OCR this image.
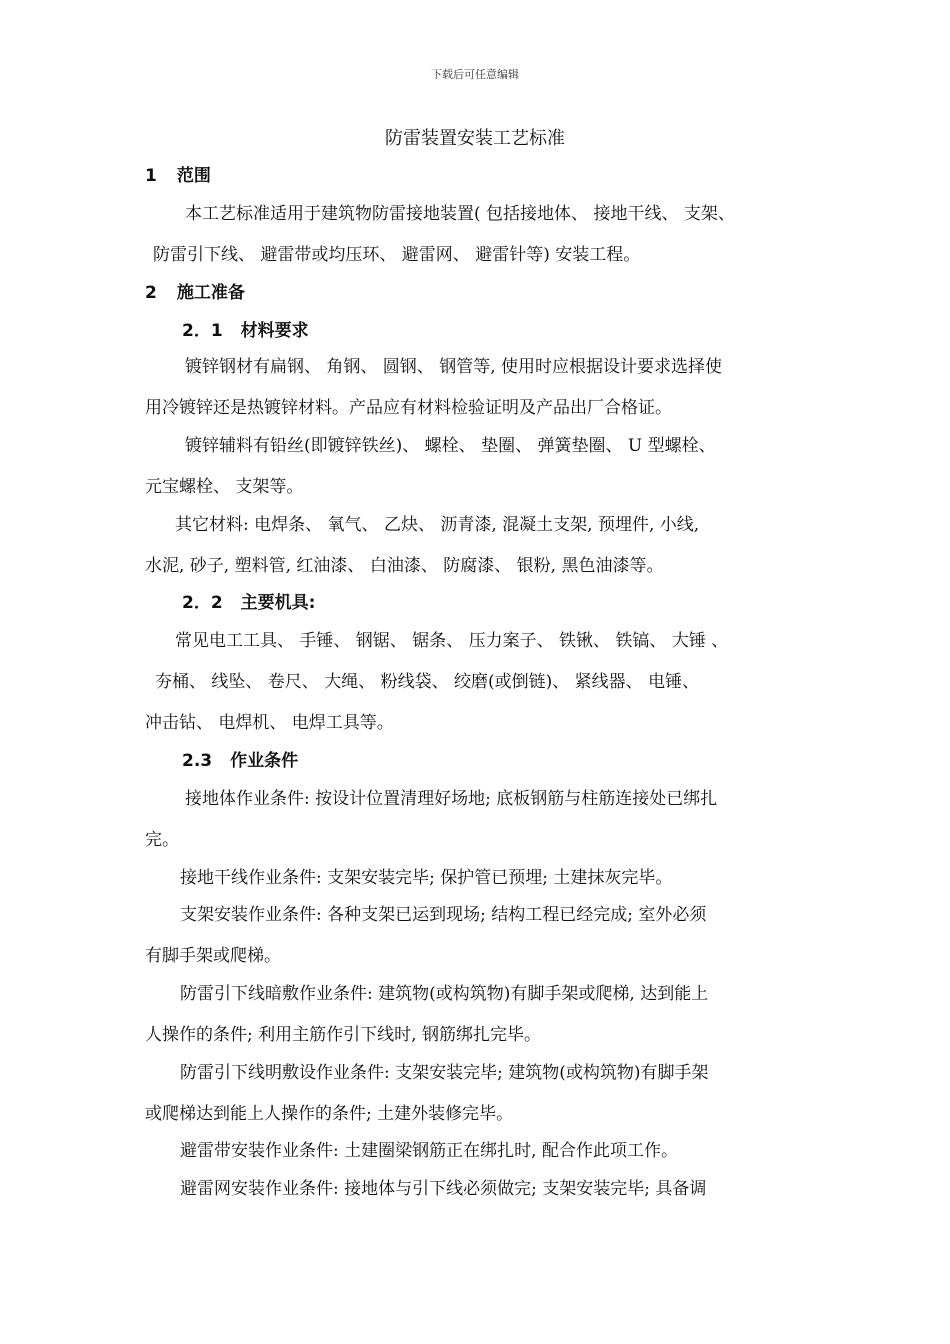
下载后可任意编辑
防雷装置安装工艺标准
1 范围
本工艺标准适用于建筑物防雷接地装置( 包括接地体、 接地干线、 支架、
防雷引下线、 避雷带或均压环、 避雷网、 避雷针等) 安装工程。
2 施工准备
2．1 材料要求
镀锌钢材有扁钢、 角钢、 圆钢、 钢管等, 使用时应根据设计要求选择使
用冷镀锌还是热镀锌材料。产品应有材料检验证明及产品出厂合格证。
镀锌辅料有铅丝(即镀锌铁丝)、 螺栓、 垫圈、 弹簧垫圈、 U 型螺栓、
元宝螺栓、 支架等。
其它材料: 电焊条、 氧气、 乙炔、 沥青漆, 混凝土支架, 预埋件, 小线,
水泥, 砂子, 塑料管, 红油漆、 白油漆、 防腐漆、 银粉, 黑色油漆等。
2．2 主要机具:
常见电工工具、 手锤、 钢锯、 锯条、 压力案子、 铁锹、 铁镐、 大锤 、
夯桶、 线坠、 卷尺、 大绳、 粉线袋、 绞磨(或倒链)、 紧线器、 电锤、
冲击钻、 电焊机、 电焊工具等。
2.3 作业条件
接地体作业条件: 按设计位置清理好场地; 底板钢筋与柱筋连接处已绑扎
完。
接地干线作业条件: 支架安装完毕; 保护管已预埋; 土建抹灰完毕。
支架安装作业条件: 各种支架已运到现场; 结构工程已经完成; 室外必须
有脚手架或爬梯。
防雷引下线暗敷作业条件: 建筑物(或构筑物)有脚手架或爬梯, 达到能上
人操作的条件; 利用主筋作引下线时, 钢筋绑扎完毕。
防雷引下线明敷设作业条件: 支架安装完毕; 建筑物(或构筑物)有脚手架
或爬梯达到能上人操作的条件; 土建外装修完毕。
避雷带安装作业条件: 土建圈梁钢筋正在绑扎时, 配合作此项工作。
避雷网安装作业条件: 接地体与引下线必须做完; 支架安装完毕; 具备调
